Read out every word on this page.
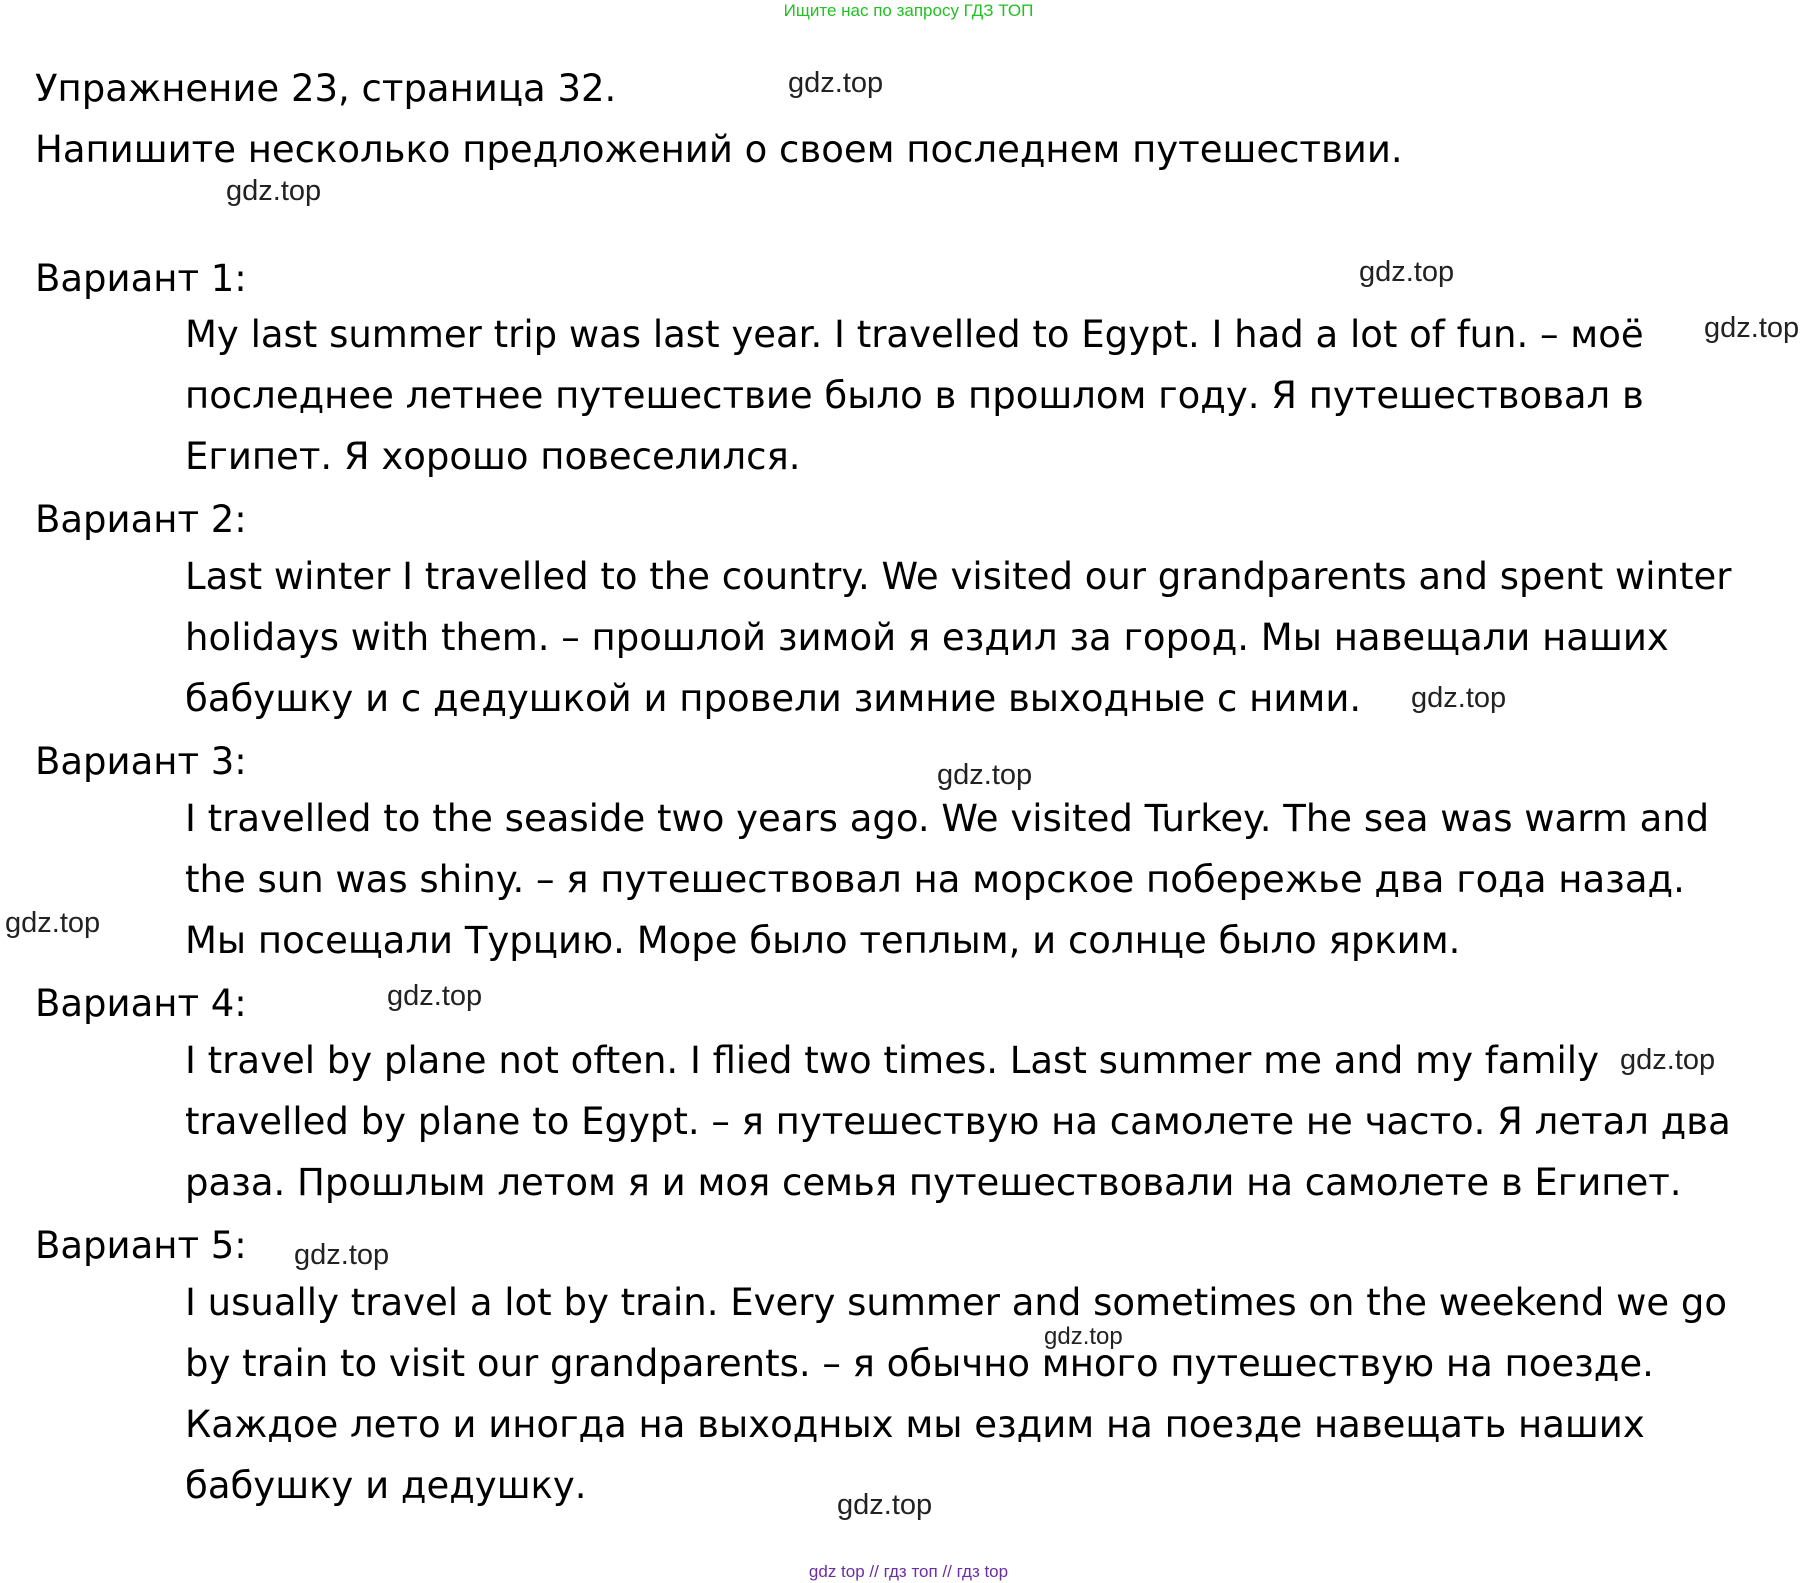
Ищите нас по запросу ГДЗ ТОП
Упражнение 23, страница 32.
Напишите несколько предложений о своем последнем путешествии.
Вариант 1:
My last summer trip was last year. I travelled to Egypt. I had a lot of fun. – моё последнее летнее путешествие было в прошлом году. Я путешествовал в Египет. Я хорошо повеселился.
Вариант 2:
Last winter I travelled to the country. We visited our grandparents and spent winter holidays with them. – прошлой зимой я ездил за город. Мы навещали наших бабушку и с дедушкой и провели зимние выходные с ними.
Вариант 3:
I travelled to the seaside two years ago. We visited Turkey. The sea was warm and the sun was shiny. – я путешествовал на морское побережье два года назад. Мы посещали Турцию. Море было теплым, и солнце было ярким.
Вариант 4:
I travel by plane not often. I flied two times. Last summer me and my family travelled by plane to Egypt. – я путешествую на самолете не часто. Я летал два раза. Прошлым летом я и моя семья путешествовали на самолете в Египет.
Вариант 5:
I usually travel a lot by train. Every summer and sometimes on the weekend we go by train to visit our grandparents. – я обычно много путешествую на поезде. Каждое лето и иногда на выходных мы ездим на поезде навещать наших бабушку и дедушку.
gdz.top
gdz.top
gdz.top
gdz.top
gdz.top
gdz.top
gdz.top
gdz.top
gdz.top
gdz.top
gdz.top
gdz.top
gdz top // гдз топ // гдз top
